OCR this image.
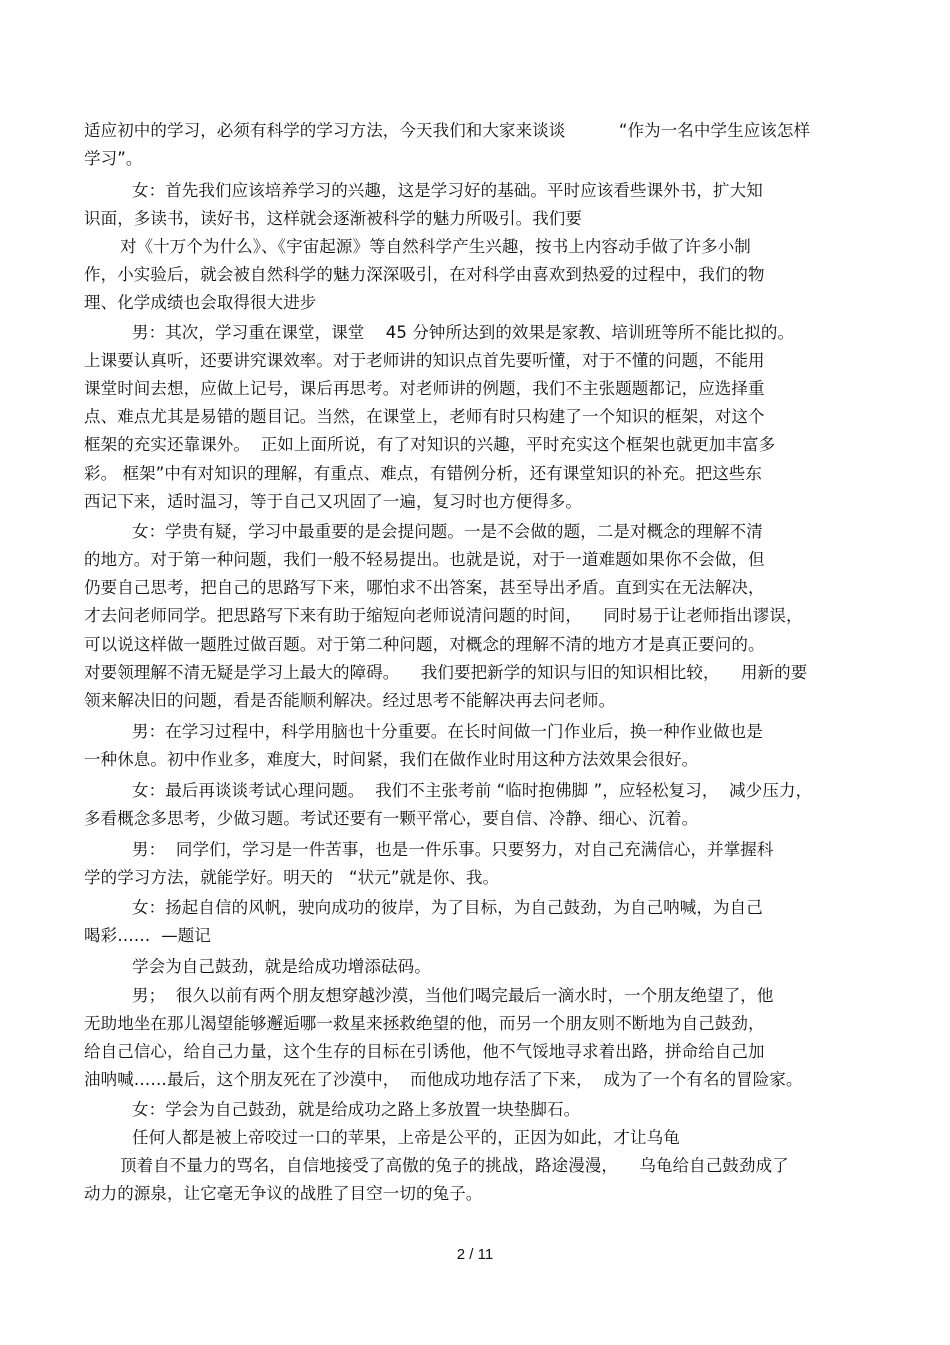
适应初中的学习，必须有科学的学习方法，今天我们和大家来谈谈          “作为一名中学生应该怎样
学习”。
女：首先我们应该培养学习的兴趣，这是学习好的基础。平时应该看些课外书，扩大知
识面，多读书，读好书，这样就会逐渐被科学的魅力所吸引。我们要
对《十万个为什么》、《宇宙起源》等自然科学产生兴趣，按书上内容动手做了许多小制
作，小实验后，就会被自然科学的魅力深深吸引，在对科学由喜欢到热爱的过程中，我们的物
理、化学成绩也会取得很大进步
男：其次，学习重在课堂，课堂    45 分钟所达到的效果是家教、培训班等所不能比拟的。
上课要认真听，还要讲究课效率。对于老师讲的知识点首先要听懂，对于不懂的问题，不能用
课堂时间去想，应做上记号，课后再思考。对老师讲的例题，我们不主张题题都记，应选择重
点、难点尤其是易错的题目记。当然，在课堂上，老师有时只构建了一个知识的框架，对这个
框架的充实还靠课外。  正如上面所说，有了对知识的兴趣，平时充实这个框架也就更加丰富多
彩。 框架”中有对知识的理解，有重点、难点，有错例分析，还有课堂知识的补充。把这些东
西记下来，适时温习，等于自己又巩固了一遍，复习时也方便得多。
女：学贵有疑，学习中最重要的是会提问题。一是不会做的题，二是对概念的理解不清
的地方。对于第一种问题，我们一般不轻易提出。也就是说，对于一道难题如果你不会做，但
仍要自己思考，把自己的思路写下来，哪怕求不出答案，甚至导出矛盾。直到实在无法解决，
才去问老师同学。把思路写下来有助于缩短向老师说清问题的时间，    同时易于让老师指出谬误，
可以说这样做一题胜过做百题。对于第二种问题，对概念的理解不清的地方才是真正要问的。
对要领理解不清无疑是学习上最大的障碍。    我们要把新学的知识与旧的知识相比较，    用新的要
领来解决旧的问题，看是否能顺利解决。经过思考不能解决再去问老师。
男：在学习过程中，科学用脑也十分重要。在长时间做一门作业后，换一种作业做也是
一种休息。初中作业多，难度大，时间紧，我们在做作业时用这种方法效果会很好。
女：最后再谈谈考试心理问题。  我们不主张考前 “临时抱佛脚 ”，应轻松复习，  减少压力，
多看概念多思考，少做习题。考试还要有一颗平常心，要自信、冷静、细心、沉着。
男：  同学们，学习是一件苦事，也是一件乐事。只要努力，对自己充满信心，并掌握科
学的学习方法，就能学好。明天的   “状元”就是你、我。
女：扬起自信的风帆，驶向成功的彼岸，为了目标，为自己鼓劲，为自己呐喊，为自己
喝彩……  —题记
学会为自己鼓劲，就是给成功增添砝码。
男；  很久以前有两个朋友想穿越沙漠，当他们喝完最后一滴水时，一个朋友绝望了，他
无助地坐在那儿渴望能够邂逅哪一救星来拯救绝望的他，而另一个朋友则不断地为自己鼓劲，
给自己信心，给自己力量，这个生存的目标在引诱他，他不气馁地寻求着出路，拼命给自己加
油呐喊……最后，这个朋友死在了沙漠中，  而他成功地存活了下来，  成为了一个有名的冒险家。
女：学会为自己鼓劲，就是给成功之路上多放置一块垫脚石。
任何人都是被上帝咬过一口的苹果，上帝是公平的，正因为如此，才让乌龟
顶着自不量力的骂名，自信地接受了高傲的兔子的挑战，路途漫漫，    乌龟给自己鼓劲成了
动力的源泉，让它毫无争议的战胜了目空一切的兔子。
2 / 11
